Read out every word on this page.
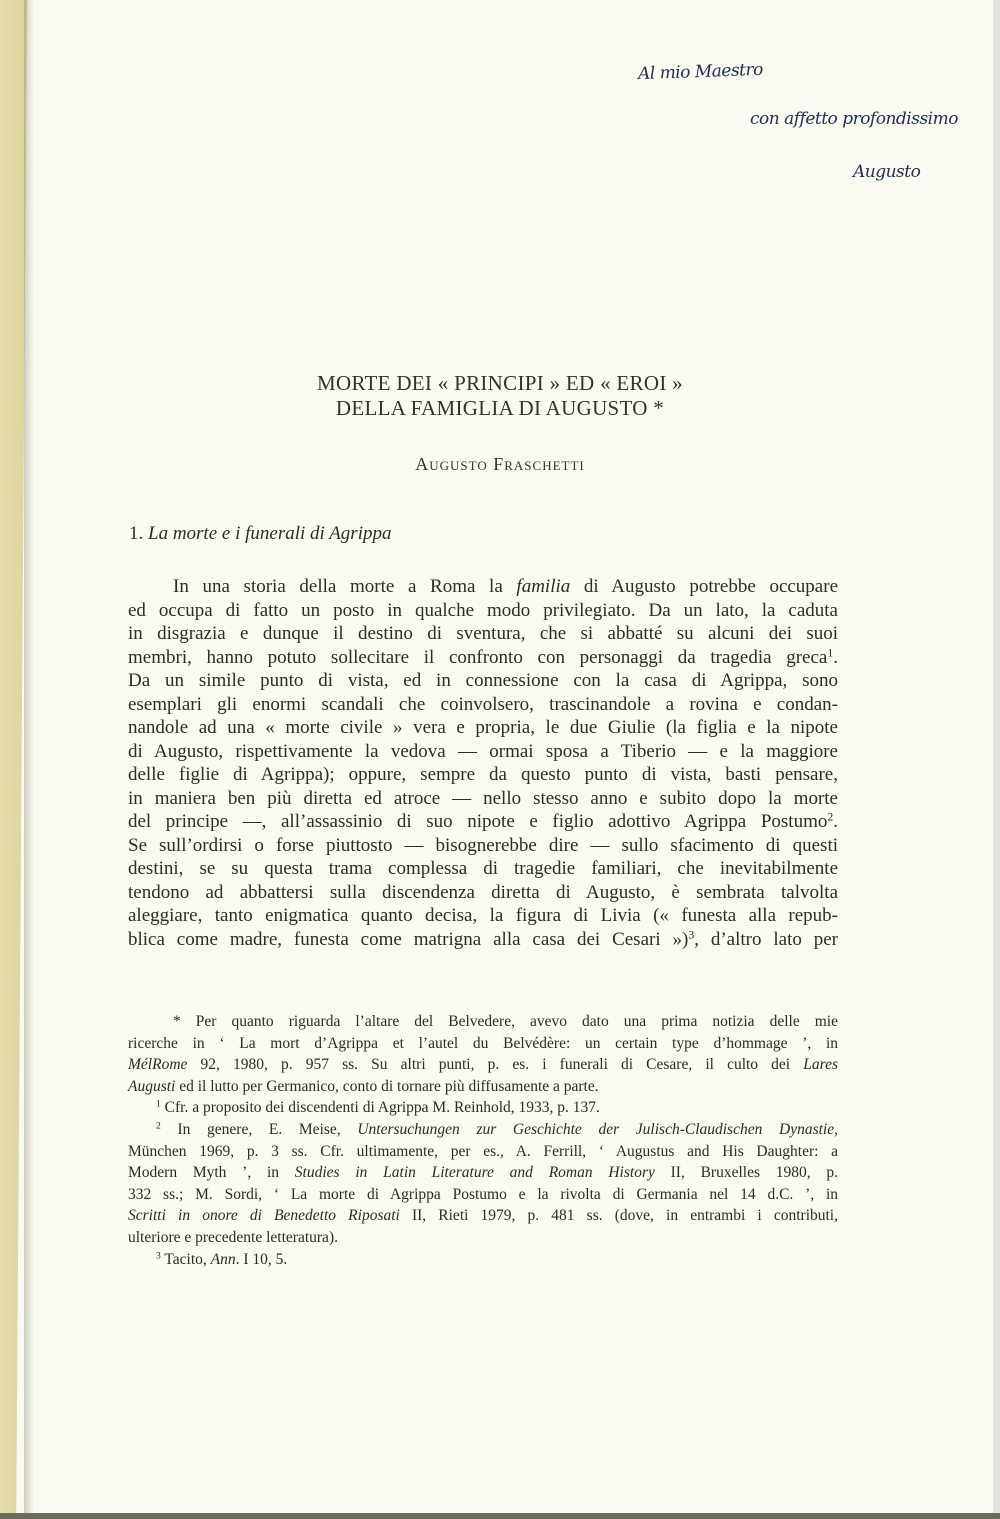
Al mio Maestro
con affetto profondissimo
Augusto
MORTE DEI « PRINCIPI » ED « EROI »
DELLA FAMIGLIA DI AUGUSTO *
Augusto Fraschetti
1. La morte e i funerali di Agrippa
In una storia della morte a Roma la familia di Augusto potrebbe occupare
ed occupa di fatto un posto in qualche modo privilegiato. Da un lato, la caduta
in disgrazia e dunque il destino di sventura, che si abbatté su alcuni dei suoi
membri, hanno potuto sollecitare il confronto con personaggi da tragedia greca$^1$.
Da un simile punto di vista, ed in connessione con la casa di Agrippa, sono
esemplari gli enormi scandali che coinvolsero, trascinandole a rovina e condan-
nandole ad una « morte civile » vera e propria, le due Giulie (la figlia e la nipote
di Augusto, rispettivamente la vedova — ormai sposa a Tiberio — e la maggiore
delle figlie di Agrippa); oppure, sempre da questo punto di vista, basti pensare,
in maniera ben più diretta ed atroce — nello stesso anno e subito dopo la morte
del principe —, all’assassinio di suo nipote e figlio adottivo Agrippa Postumo$^2$.
Se sull’ordirsi o forse piuttosto — bisognerebbe dire — sullo sfacimento di questi
destini, se su questa trama complessa di tragedie familiari, che inevitabilmente
tendono ad abbattersi sulla discendenza diretta di Augusto, è sembrata talvolta
aleggiare, tanto enigmatica quanto decisa, la figura di Livia (« funesta alla repub-
blica come madre, funesta come matrigna alla casa dei Cesari »)$^3$, d’altro lato per
* Per quanto riguarda l’altare del Belvedere, avevo dato una prima notizia delle mie
ricerche in ‘ La mort d’Agrippa et l’autel du Belvédère: un certain type d’hommage ’, in
MélRome 92, 1980, p. 957 ss. Su altri punti, p. es. i funerali di Cesare, il culto dei Lares
Augusti ed il lutto per Germanico, conto di tornare più diffusamente a parte.
$^1$ Cfr. a proposito dei discendenti di Agrippa M. Reinhold, 1933, p. 137.
$^2$ In genere, E. Meise, Untersuchungen zur Geschichte der Julisch-Claudischen Dynastie,
München 1969, p. 3 ss. Cfr. ultimamente, per es., A. Ferrill, ‘ Augustus and His Daughter: a
Modern Myth ’, in Studies in Latin Literature and Roman History II, Bruxelles 1980, p.
332 ss.; M. Sordi, ‘ La morte di Agrippa Postumo e la rivolta di Germania nel 14 d.C. ’, in
Scritti in onore di Benedetto Riposati II, Rieti 1979, p. 481 ss. (dove, in entrambi i contributi,
ulteriore e precedente letteratura).
$^3$ Tacito, Ann. I 10, 5.
